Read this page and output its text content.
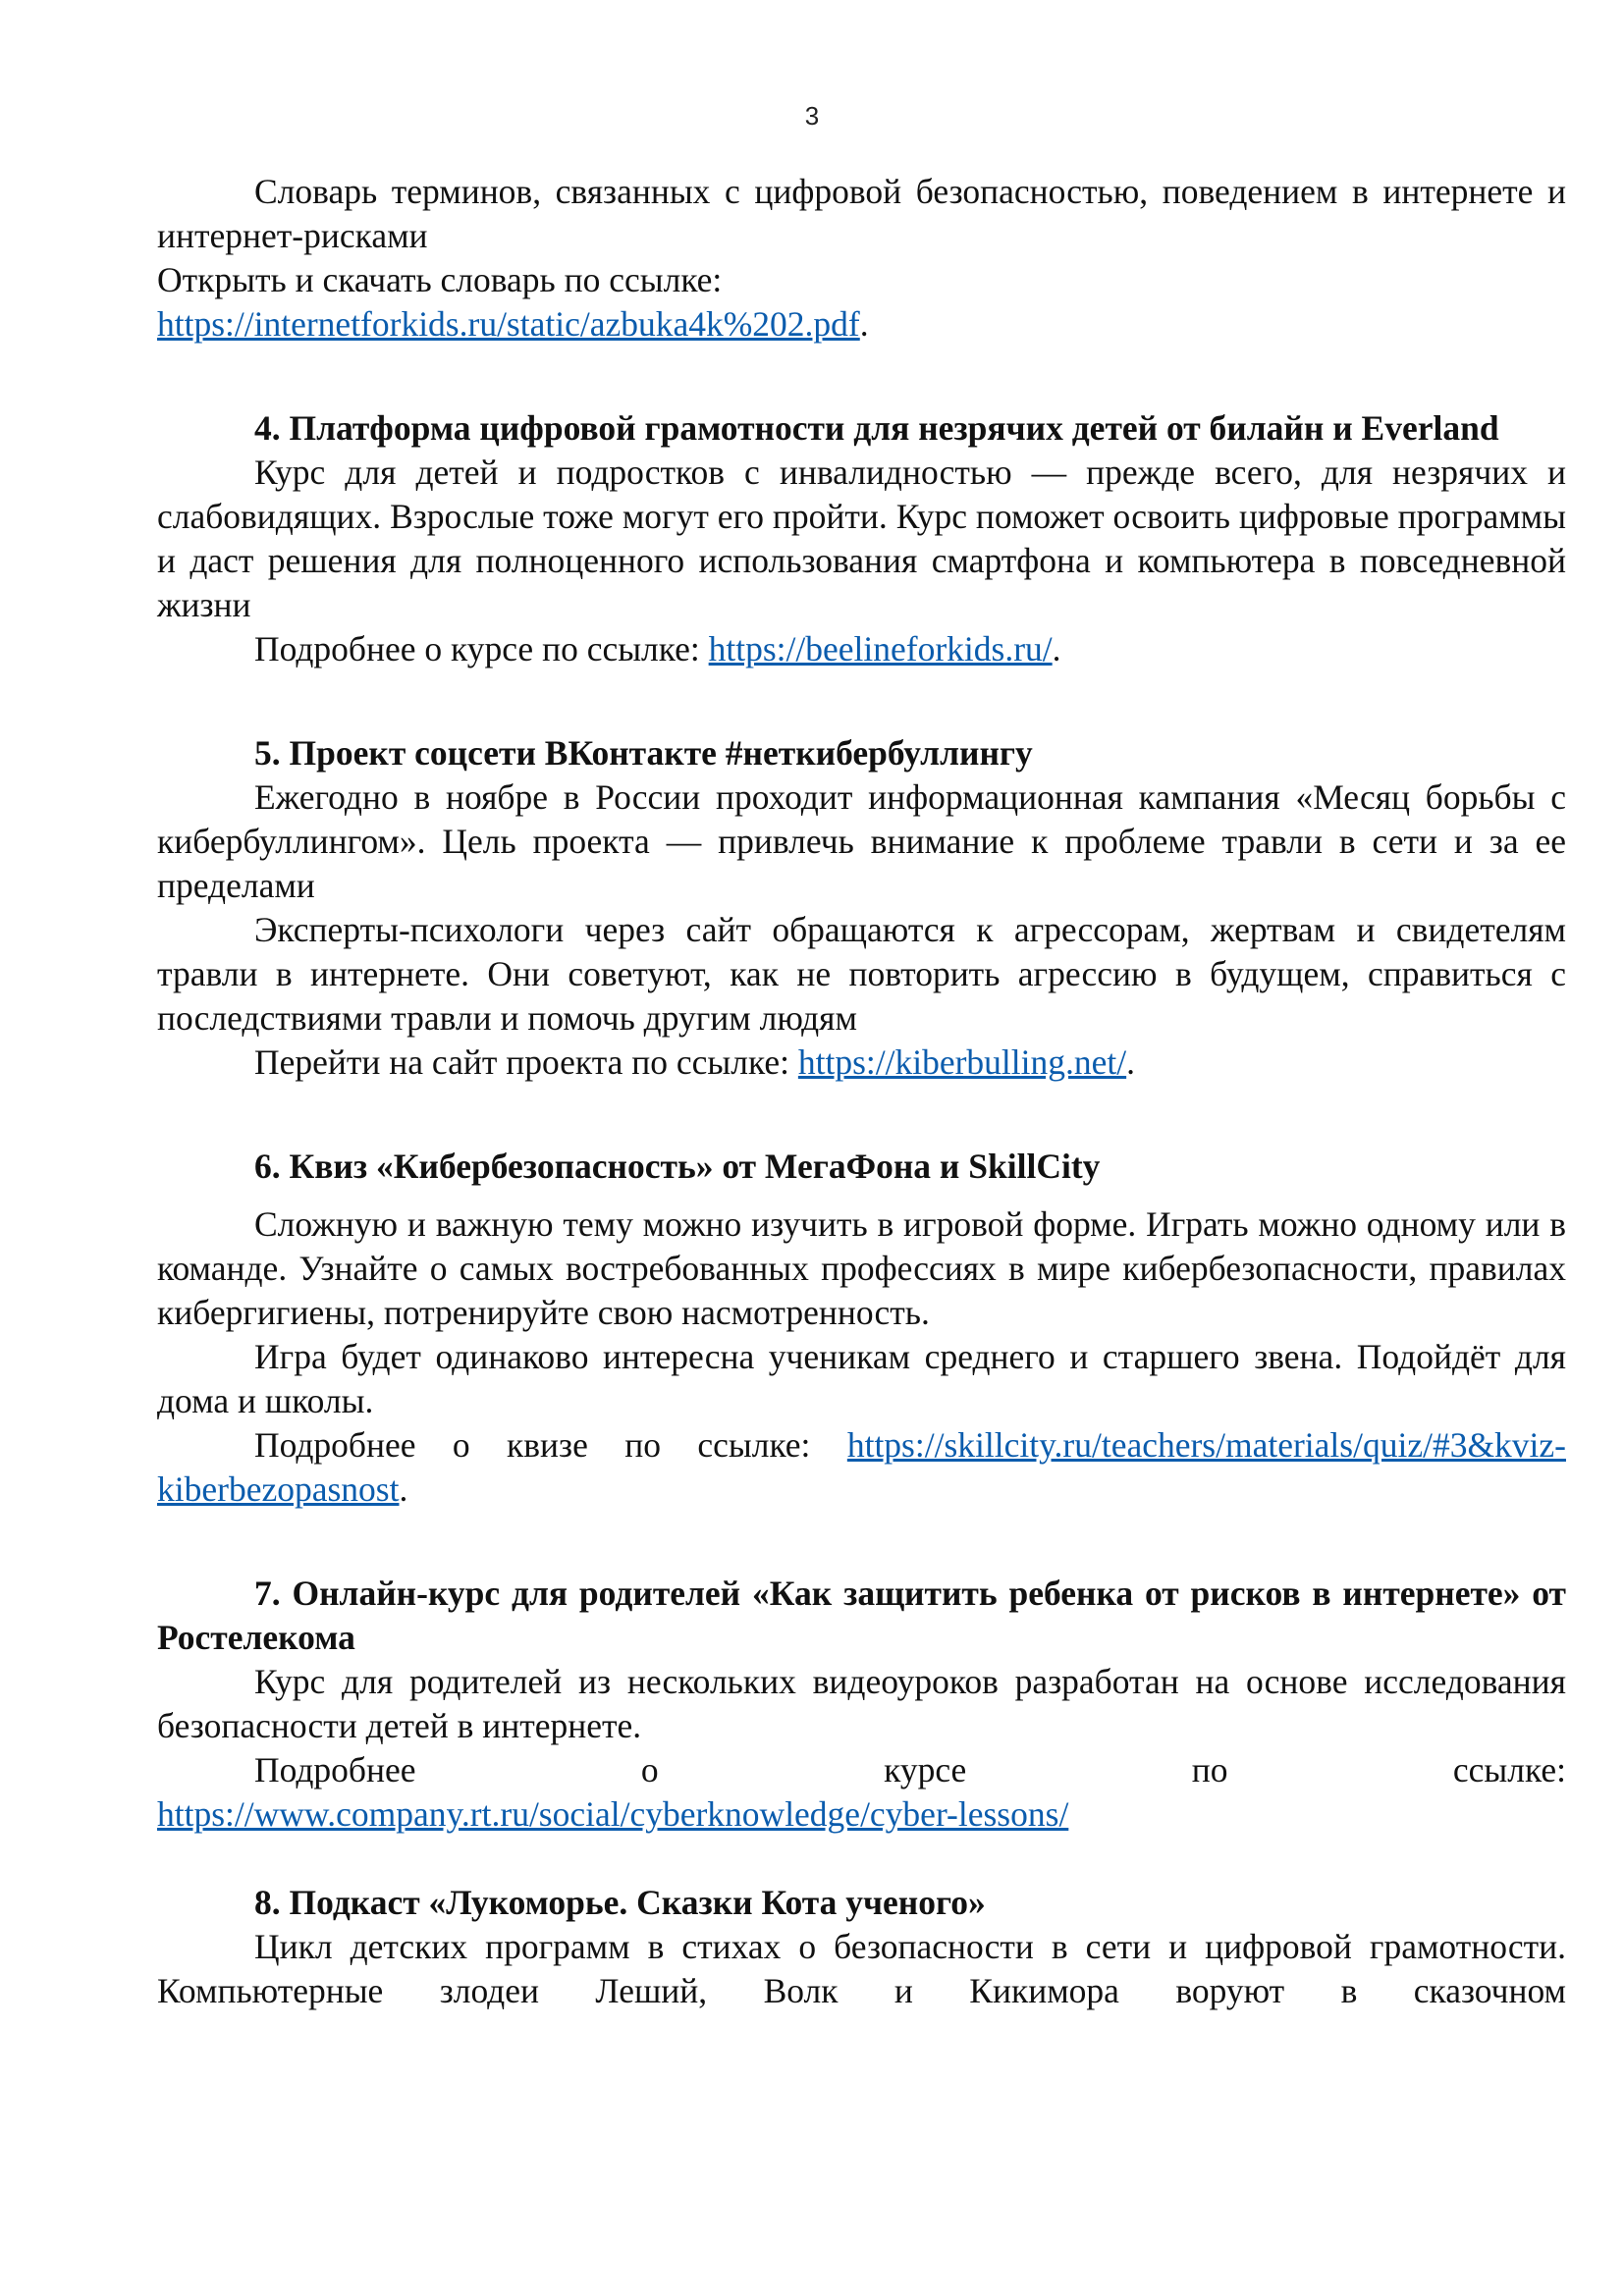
3

Словарь терминов, связанных с цифровой безопасностью, поведением в интернете и интернет-рисками

Открыть и скачать словарь по ссылке:

https://internetforkids.ru/static/azbuka4k%202.pdf.

4. Платформа цифровой грамотности для незрячих детей от билайн и Everland

Курс для детей и подростков с инвалидностью — прежде всего, для незрячих и слабовидящих. Взрослые тоже могут его пройти. Курс поможет освоить цифровые программы и даст решения для полноценного использования смартфона и компьютера в повседневной жизни

Подробнее о курсе по ссылке: https://beelineforkids.ru/.

5. Проект соцсети ВКонтакте #неткибербуллингу

Ежегодно в ноябре в России проходит информационная кампания «Месяц борьбы с кибербуллингом». Цель проекта — привлечь внимание к проблеме травли в сети и за ее пределами

Эксперты-психологи через сайт обращаются к агрессорам, жертвам и свидетелям травли в интернете. Они советуют, как не повторить агрессию в будущем, справиться с последствиями травли и помочь другим людям

Перейти на сайт проекта по ссылке: https://kiberbulling.net/.

6. Квиз «Кибербезопасность» от МегаФона и SkillCity

Сложную и важную тему можно изучить в игровой форме. Играть можно одному или в команде. Узнайте о самых востребованных профессиях в мире кибербезопасности, правилах кибергигиены, потренируйте свою насмотренность.

Игра будет одинаково интересна ученикам среднего и старшего звена. Подойдёт для дома и школы.

Подробнее о квизе по ссылке: https://skillcity.ru/teachers/materials/quiz/#3&kviz-kiberbezopasnost.

7. Онлайн-курс для родителей «Как защитить ребенка от рисков в интернете» от Ростелекома

Курс для родителей из нескольких видеоуроков разработан на основе исследования безопасности детей в интернете.

Подробнее о курсе по ссылке:

https://www.company.rt.ru/social/cyberknowledge/cyber-lessons/

8. Подкаст «Лукоморье. Сказки Кота ученого»

Цикл детских программ в стихах о безопасности в сети и цифровой грамотности. Компьютерные злодеи Леший, Волк и Кикимора воруют в сказочном
